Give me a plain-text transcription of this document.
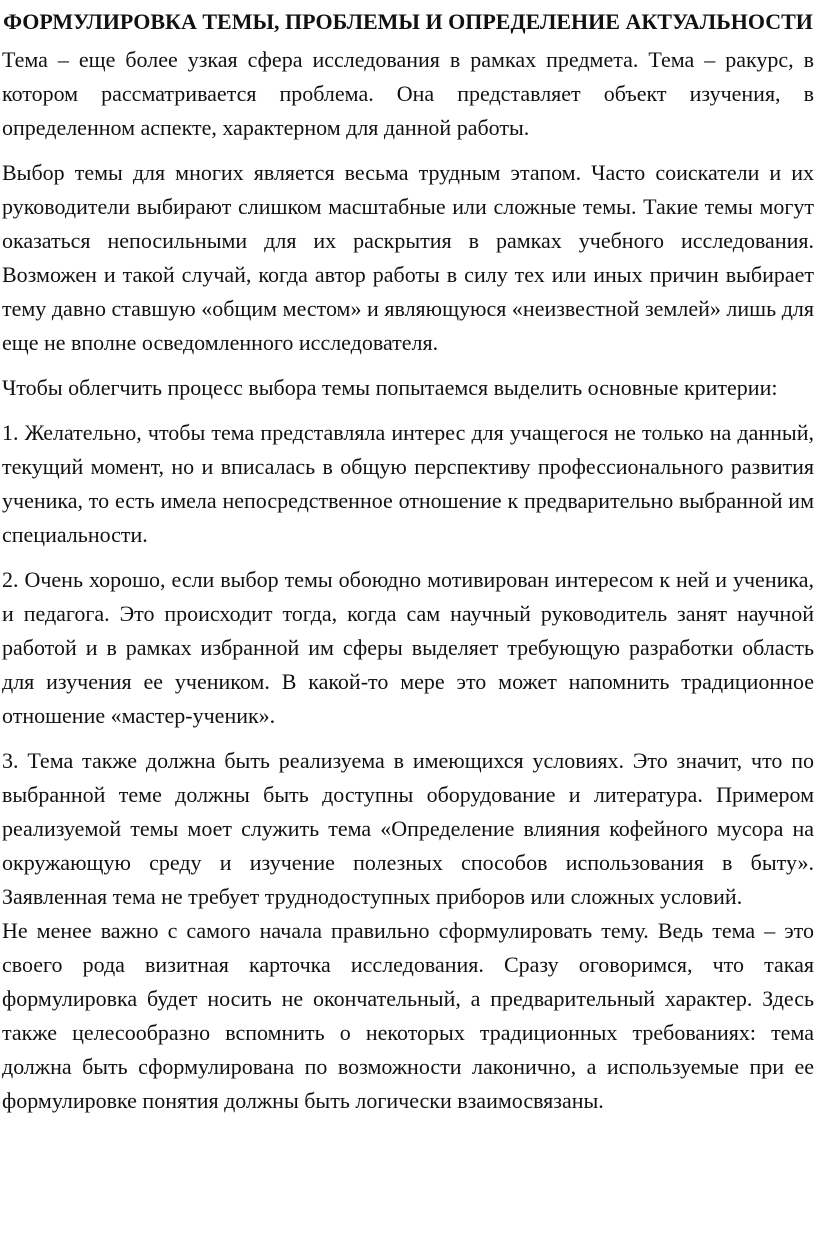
ФОРМУЛИРОВКА ТЕМЫ, ПРОБЛЕМЫ И ОПРЕДЕЛЕНИЕ АКТУАЛЬНОСТИ

Тема – еще более узкая сфера исследования в рамках предмета. Тема – ракурс, в котором рассматривается проблема. Она представляет объект изучения, в определенном аспекте, характерном для данной работы.

Выбор темы для многих является весьма трудным этапом. Часто соискатели и их руководители выбирают слишком масштабные или сложные темы. Такие темы могут оказаться непосильными для их раскрытия в рамках учебного исследования. Возможен и такой случай, когда автор работы в силу тех или иных причин выбирает тему давно ставшую «общим местом» и являющуюся «неизвестной землей» лишь для еще не вполне осведомленного исследователя.

Чтобы облегчить процесс выбора темы попытаемся выделить основные критерии:

1. Желательно, чтобы тема представляла интерес для учащегося не только на данный, текущий момент, но и вписалась в общую перспективу профессионального развития ученика, то есть имела непосредственное отношение к предварительно выбранной им специальности.

2. Очень хорошо, если выбор темы обоюдно мотивирован интересом к ней и ученика, и педагога. Это происходит тогда, когда сам научный руководитель занят научной работой и в рамках избранной им сферы выделяет требующую разработки область для изучения ее учеником. В какой-то мере это может напомнить традиционное отношение «мастер-ученик».

3. Тема также должна быть реализуема в имеющихся условиях. Это значит, что по выбранной теме должны быть доступны оборудование и литература. Примером реализуемой темы моет служить тема «Определение влияния кофейного мусора на окружающую среду и изучение полезных способов использования в быту». Заявленная тема не требует труднодоступных приборов или сложных условий.

Не менее важно с самого начала правильно сформулировать тему. Ведь тема – это своего рода визитная карточка исследования. Сразу оговоримся, что такая формулировка будет носить не окончательный, а предварительный характер. Здесь также целесообразно вспомнить о некоторых традиционных требованиях: тема должна быть сформулирована по возможности лаконично, а используемые при ее формулировке понятия должны быть логически взаимосвязаны.
